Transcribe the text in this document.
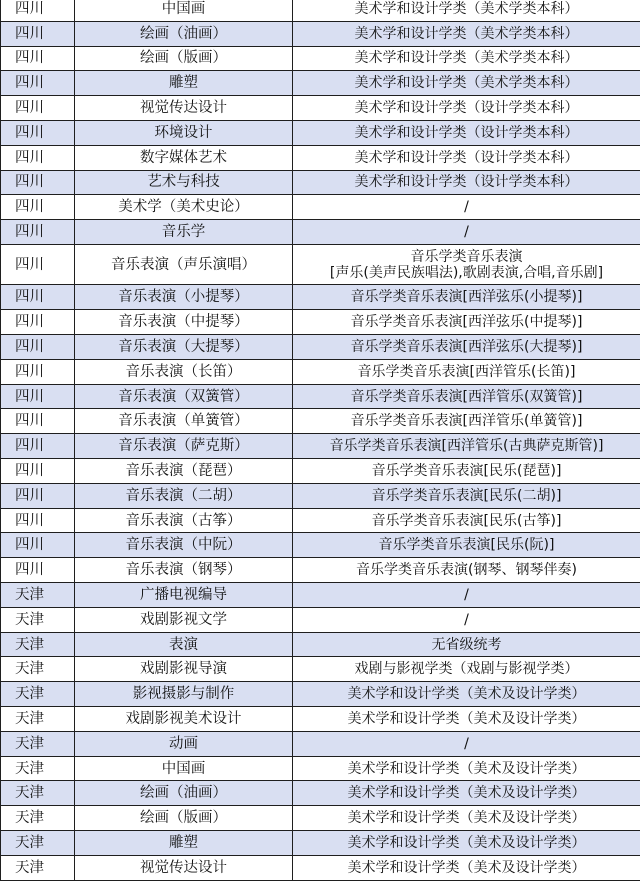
四川	中国画	美术学和设计学类（美术学类本科）

四川	绘画（油画）	美术学和设计学类（美术学类本科）

四川	绘画（版画）	美术学和设计学类（美术学类本科）

四川	雕塑	美术学和设计学类（美术学类本科）

四川	视觉传达设计	美术学和设计学类（设计学类本科）

四川	环境设计	美术学和设计学类（设计学类本科）

四川	数字媒体艺术	美术学和设计学类（设计学类本科）

四川	艺术与科技	美术学和设计学类（设计学类本科）

四川	美术学（美术史论）	/

四川	音乐学	/

四川	音乐表演（声乐演唱）	音乐学类音乐表演
[声乐(美声民族唱法),歌剧表演,合唱,音乐剧]

四川	音乐表演（小提琴）	音乐学类音乐表演[西洋弦乐(小提琴)]

四川	音乐表演（中提琴）	音乐学类音乐表演[西洋弦乐(中提琴)]

四川	音乐表演（大提琴）	音乐学类音乐表演[西洋弦乐(大提琴)]

四川	音乐表演（长笛）	音乐学类音乐表演[西洋管乐(长笛)]

四川	音乐表演（双簧管）	音乐学类音乐表演[西洋管乐(双簧管)]

四川	音乐表演（单簧管）	音乐学类音乐表演[西洋管乐(单簧管)]

四川	音乐表演（萨克斯）	音乐学类音乐表演[西洋管乐(古典萨克斯管)]

四川	音乐表演（琵琶）	音乐学类音乐表演[民乐(琵琶)]

四川	音乐表演（二胡）	音乐学类音乐表演[民乐(二胡)]

四川	音乐表演（古筝）	音乐学类音乐表演[民乐(古筝)]

四川	音乐表演（中阮）	音乐学类音乐表演[民乐(阮)]

四川	音乐表演（钢琴）	音乐学类音乐表演(钢琴、钢琴伴奏)

天津	广播电视编导	/

天津	戏剧影视文学	/

天津	表演	无省级统考

天津	戏剧影视导演	戏剧与影视学类（戏剧与影视学类）

天津	影视摄影与制作	美术学和设计学类（美术及设计学类）

天津	戏剧影视美术设计	美术学和设计学类（美术及设计学类）

天津	动画	/

天津	中国画	美术学和设计学类（美术及设计学类）

天津	绘画（油画）	美术学和设计学类（美术及设计学类）

天津	绘画（版画）	美术学和设计学类（美术及设计学类）

天津	雕塑	美术学和设计学类（美术及设计学类）

天津	视觉传达设计	美术学和设计学类（美术及设计学类）
